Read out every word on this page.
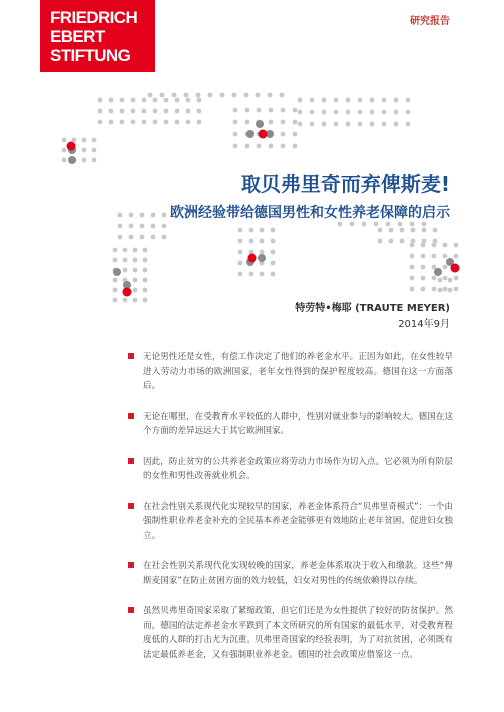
FRIEDRICH
EBERT
STIFTUNG
研究报告
取贝弗里奇而弃俾斯麦!
欧洲经验带给德国男性和女性养老保障的启示
特劳特•梅耶 (TRAUTE MEYER)
2014年9月
无论男性还是女性，有偿工作决定了他们的养老金水平。正因为如此，在女性较早进入劳动力市场的欧洲国家，老年女性得到的保护程度较高。德国在这一方面落后。
无论在哪里，在受教育水平较低的人群中，性别对就业参与的影响较大。德国在这个方面的差异远远大于其它欧洲国家。
因此，防止贫穷的公共养老金政策应将劳动力市场作为切入点。它必须为所有阶层的女性和男性改善就业机会。
在社会性别关系现代化实现较早的国家，养老金体系符合“贝弗里奇模式”：一个由强制性职业养老金补充的全民基本养老金能够更有效地防止老年贫困、促进妇女独立。
在社会性别关系现代化实现较晚的国家，养老金体系取决于收入和缴款。这些“俾斯麦国家”在防止贫困方面的效力较低，妇女对男性的传统依赖得以存续。
虽然贝弗里奇国家采取了紧缩政策，但它们还是为女性提供了较好的防贫保护。然而，德国的法定养老金水平跌到了本文所研究的所有国家的最低水平，对受教育程度低的人群的打击尤为沉重。贝弗里奇国家的经验表明，为了对抗贫困，必须既有法定最低养老金，又有强制职业养老金。德国的社会政策应借鉴这一点。
